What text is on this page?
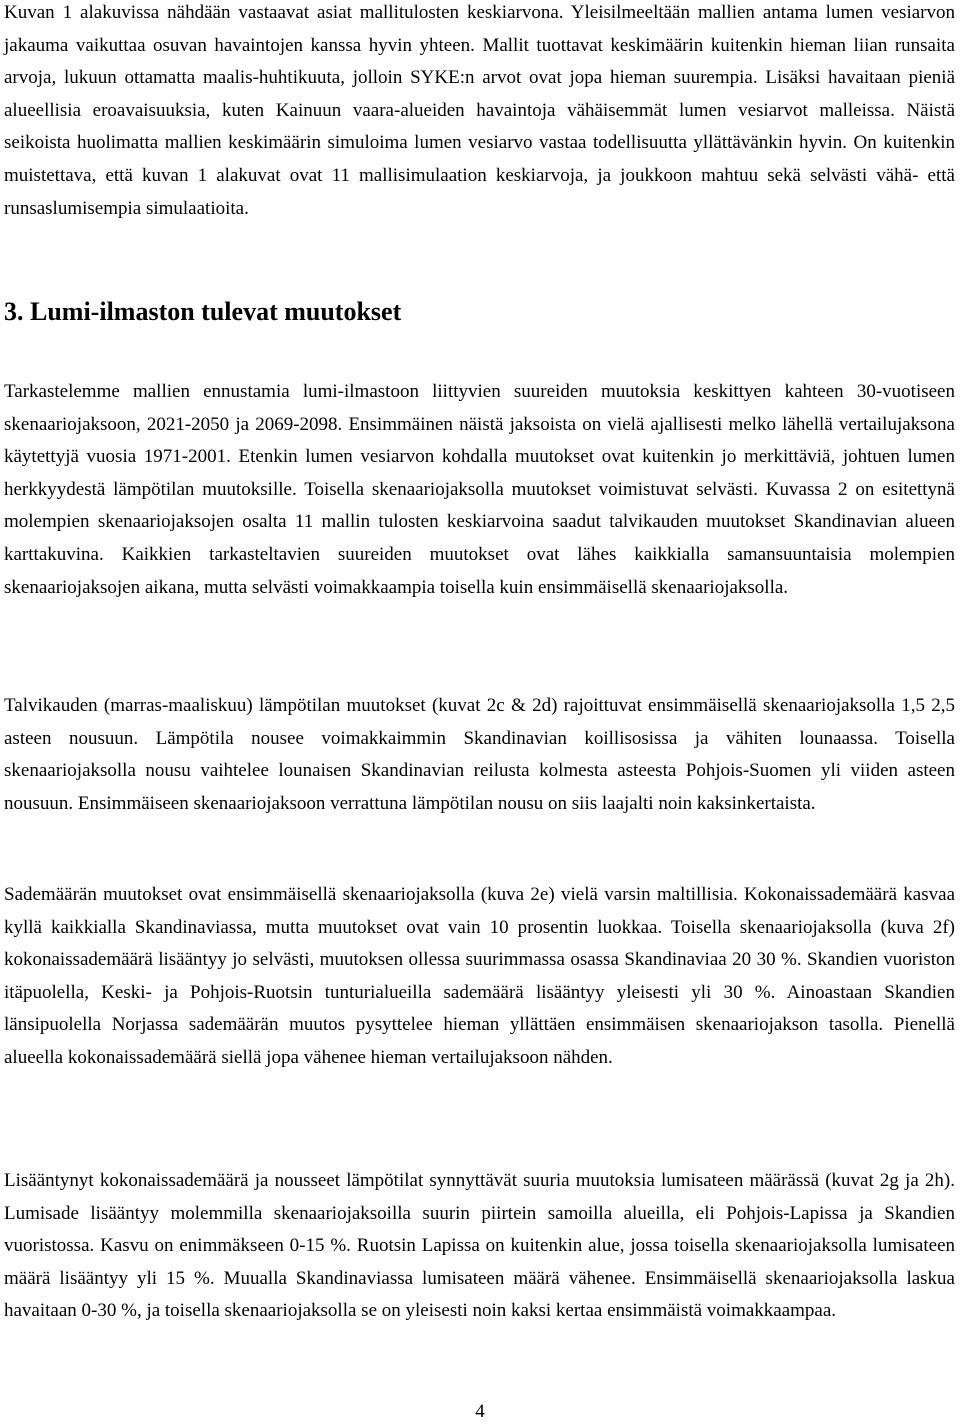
Kuvan 1 alakuvissa nähdään vastaavat asiat mallitulosten keskiarvona. Yleisilmeeltään mallien antama lumen vesiarvon jakauma vaikuttaa osuvan havaintojen kanssa hyvin yhteen. Mallit tuottavat keskimäärin kuitenkin hieman liian runsaita arvoja, lukuun ottamatta maalis-huhtikuuta, jolloin SYKE:n arvot ovat jopa hieman suurempia. Lisäksi havaitaan pieniä alueellisia eroavaisuuksia, kuten Kainuun vaara-alueiden havaintoja vähäisemmät lumen vesiarvot malleissa. Näistä seikoista huolimatta mallien keskimäärin simuloima lumen vesiarvo vastaa todellisuutta yllättävänkin hyvin. On kuitenkin muistettava, että kuvan 1 alakuvat ovat 11 mallisimulaation keskiarvoja, ja joukkoon mahtuu sekä selvästi vähä- että runsaslumisempia simulaatioita.

3. Lumi-ilmaston tulevat muutokset

Tarkastelemme mallien ennustamia lumi-ilmastoon liittyvien suureiden muutoksia keskittyen kahteen 30-vuotiseen skenaariojaksoon, 2021-2050 ja 2069-2098. Ensimmäinen näistä jaksoista on vielä ajallisesti melko lähellä vertailujaksona käytettyjä vuosia 1971-2001. Etenkin lumen vesiarvon kohdalla muutokset ovat kuitenkin jo merkittäviä, johtuen lumen herkkyydestä lämpötilan muutoksille. Toisella skenaariojaksolla muutokset voimistuvat selvästi. Kuvassa 2 on esitettynä molempien skenaariojaksojen osalta 11 mallin tulosten keskiarvoina saadut talvikauden muutokset Skandinavian alueen karttakuvina. Kaikkien tarkasteltavien suureiden muutokset ovat lähes kaikkialla samansuuntaisia molempien skenaariojaksojen aikana, mutta selvästi voimakkaampia toisella kuin ensimmäisellä skenaariojaksolla.

Talvikauden (marras-maaliskuu) lämpötilan muutokset (kuvat 2c & 2d) rajoittuvat ensimmäisellä skenaariojaksolla 1,5 2,5 asteen nousuun. Lämpötila nousee voimakkaimmin Skandinavian koillisosissa ja vähiten lounaassa. Toisella skenaariojaksolla nousu vaihtelee lounaisen Skandinavian reilusta kolmesta asteesta Pohjois-Suomen yli viiden asteen nousuun. Ensimmäiseen skenaariojaksoon verrattuna lämpötilan nousu on siis laajalti noin kaksinkertaista.

Sademäärän muutokset ovat ensimmäisellä skenaariojaksolla (kuva 2e) vielä varsin maltillisia. Kokonaissademäärä kasvaa kyllä kaikkialla Skandinaviassa, mutta muutokset ovat vain 10 prosentin luokkaa. Toisella skenaariojaksolla (kuva 2f) kokonaissademäärä lisääntyy jo selvästi, muutoksen ollessa suurimmassa osassa Skandinaviaa 20 30 %. Skandien vuoriston itäpuolella, Keski- ja Pohjois-Ruotsin tunturialueilla sademäärä lisääntyy yleisesti yli 30 %. Ainoastaan Skandien länsipuolella Norjassa sademäärän muutos pysyttelee hieman yllättäen ensimmäisen skenaariojakson tasolla. Pienellä alueella kokonaissademäärä siellä jopa vähenee hieman vertailujaksoon nähden.

Lisääntynyt kokonaissademäärä ja nousseet lämpötilat synnyttävät suuria muutoksia lumisateen määrässä (kuvat 2g ja 2h). Lumisade lisääntyy molemmilla skenaariojaksoilla suurin piirtein samoilla alueilla, eli Pohjois-Lapissa ja Skandien vuoristossa. Kasvu on enimmäkseen 0-15 %. Ruotsin Lapissa on kuitenkin alue, jossa toisella skenaariojaksolla lumisateen määrä lisääntyy yli 15 %. Muualla Skandinaviassa lumisateen määrä vähenee. Ensimmäisellä skenaariojaksolla laskua havaitaan 0-30 %, ja toisella skenaariojaksolla se on yleisesti noin kaksi kertaa ensimmäistä voimakkaampaa.

4
